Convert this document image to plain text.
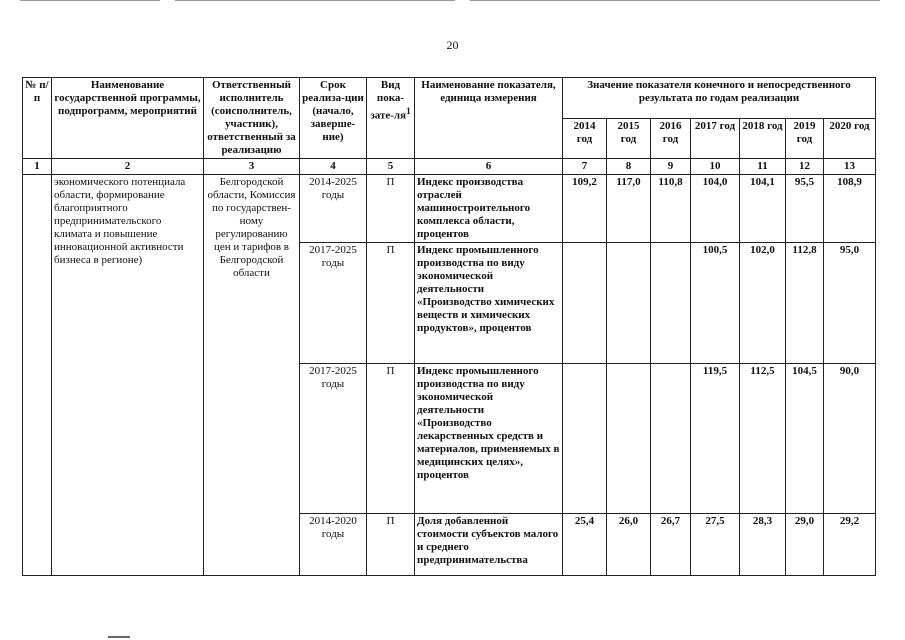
20
№ п/п	Наименование государственной программы, подпрограмм, мероприятий	Ответственный исполнитель (соисполнитель, участник), ответственный за реализацию	Срок реализа-ции (начало, заверше-ние)	Вид пока-$зате-ля^1$	Наименование показателя, единица измерения	Значение показателя конечного и непосредственного результата по годам реализации						
						2014 год	2015 год	2016 год	2017 год	2018 год	2019 год	2020 год
1	2	3	4	5	6	7	8	9	10	11	12	13
	экономического потенциала области, формирование благоприятного предпринимательского климата и повышение инновационной активности бизнеса в регионе)	Белгородской области, Комиссия по государствен-ному регулированию цен и тарифов в Белгородской области	2014-2025 годы	П	Индекс производства отраслей машиностроительного комплекса области, процентов	109,2	117,0	110,8	104,0	104,1	95,5	108,9
			2017-2025 годы	П	Индекс промышленного производства по виду экономической деятельности «Производство химических веществ и химических продуктов», процентов				100,5	102,0	112,8	95,0
			2017-2025 годы	П	Индекс промышленного производства по виду экономической деятельности «Производство лекарственных средств и материалов, применяемых в медицинских целях», процентов				119,5	112,5	104,5	90,0
			2014-2020 годы	П	Доля добавленной стоимости субъектов малого и среднего предпринимательства	25,4	26,0	26,7	27,5	28,3	29,0	29,2
